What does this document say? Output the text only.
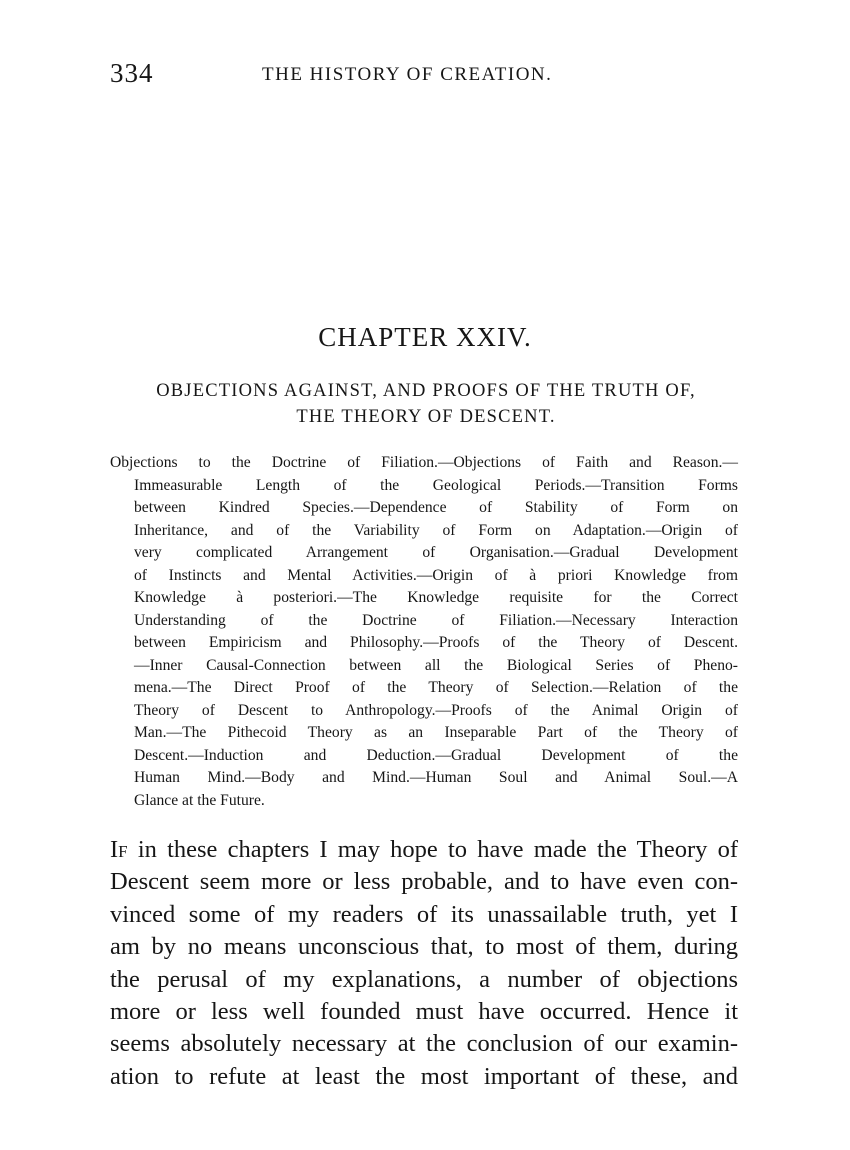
334	THE HISTORY OF CREATION.
CHAPTER XXIV.
OBJECTIONS AGAINST, AND PROOFS OF THE TRUTH OF,
THE THEORY OF DESCENT.
Objections to the Doctrine of Filiation.—Objections of Faith and Reason.—
Immeasurable Length of the Geological Periods.—Transition Forms
between Kindred Species.—Dependence of Stability of Form on
Inheritance, and of the Variability of Form on Adaptation.—Origin of
very complicated Arrangement of Organisation.—Gradual Development
of Instincts and Mental Activities.—Origin of à priori Knowledge from
Knowledge à posteriori.—The Knowledge requisite for the Correct
Understanding of the Doctrine of Filiation.—Necessary Interaction
between Empiricism and Philosophy.—Proofs of the Theory of Descent.
—Inner Causal-Connection between all the Biological Series of Pheno-
mena.—The Direct Proof of the Theory of Selection.—Relation of the
Theory of Descent to Anthropology.—Proofs of the Animal Origin of
Man.—The Pithecoid Theory as an Inseparable Part of the Theory of
Descent.—Induction and Deduction.—Gradual Development of the
Human Mind.—Body and Mind.—Human Soul and Animal Soul.—A
Glance at the Future.
If in these chapters I may hope to have made the Theory of
Descent seem more or less probable, and to have even con-
vinced some of my readers of its unassailable truth, yet I
am by no means unconscious that, to most of them, during
the perusal of my explanations, a number of objections
more or less well founded must have occurred. Hence it
seems absolutely necessary at the conclusion of our examin-
ation to refute at least the most important of these, and
